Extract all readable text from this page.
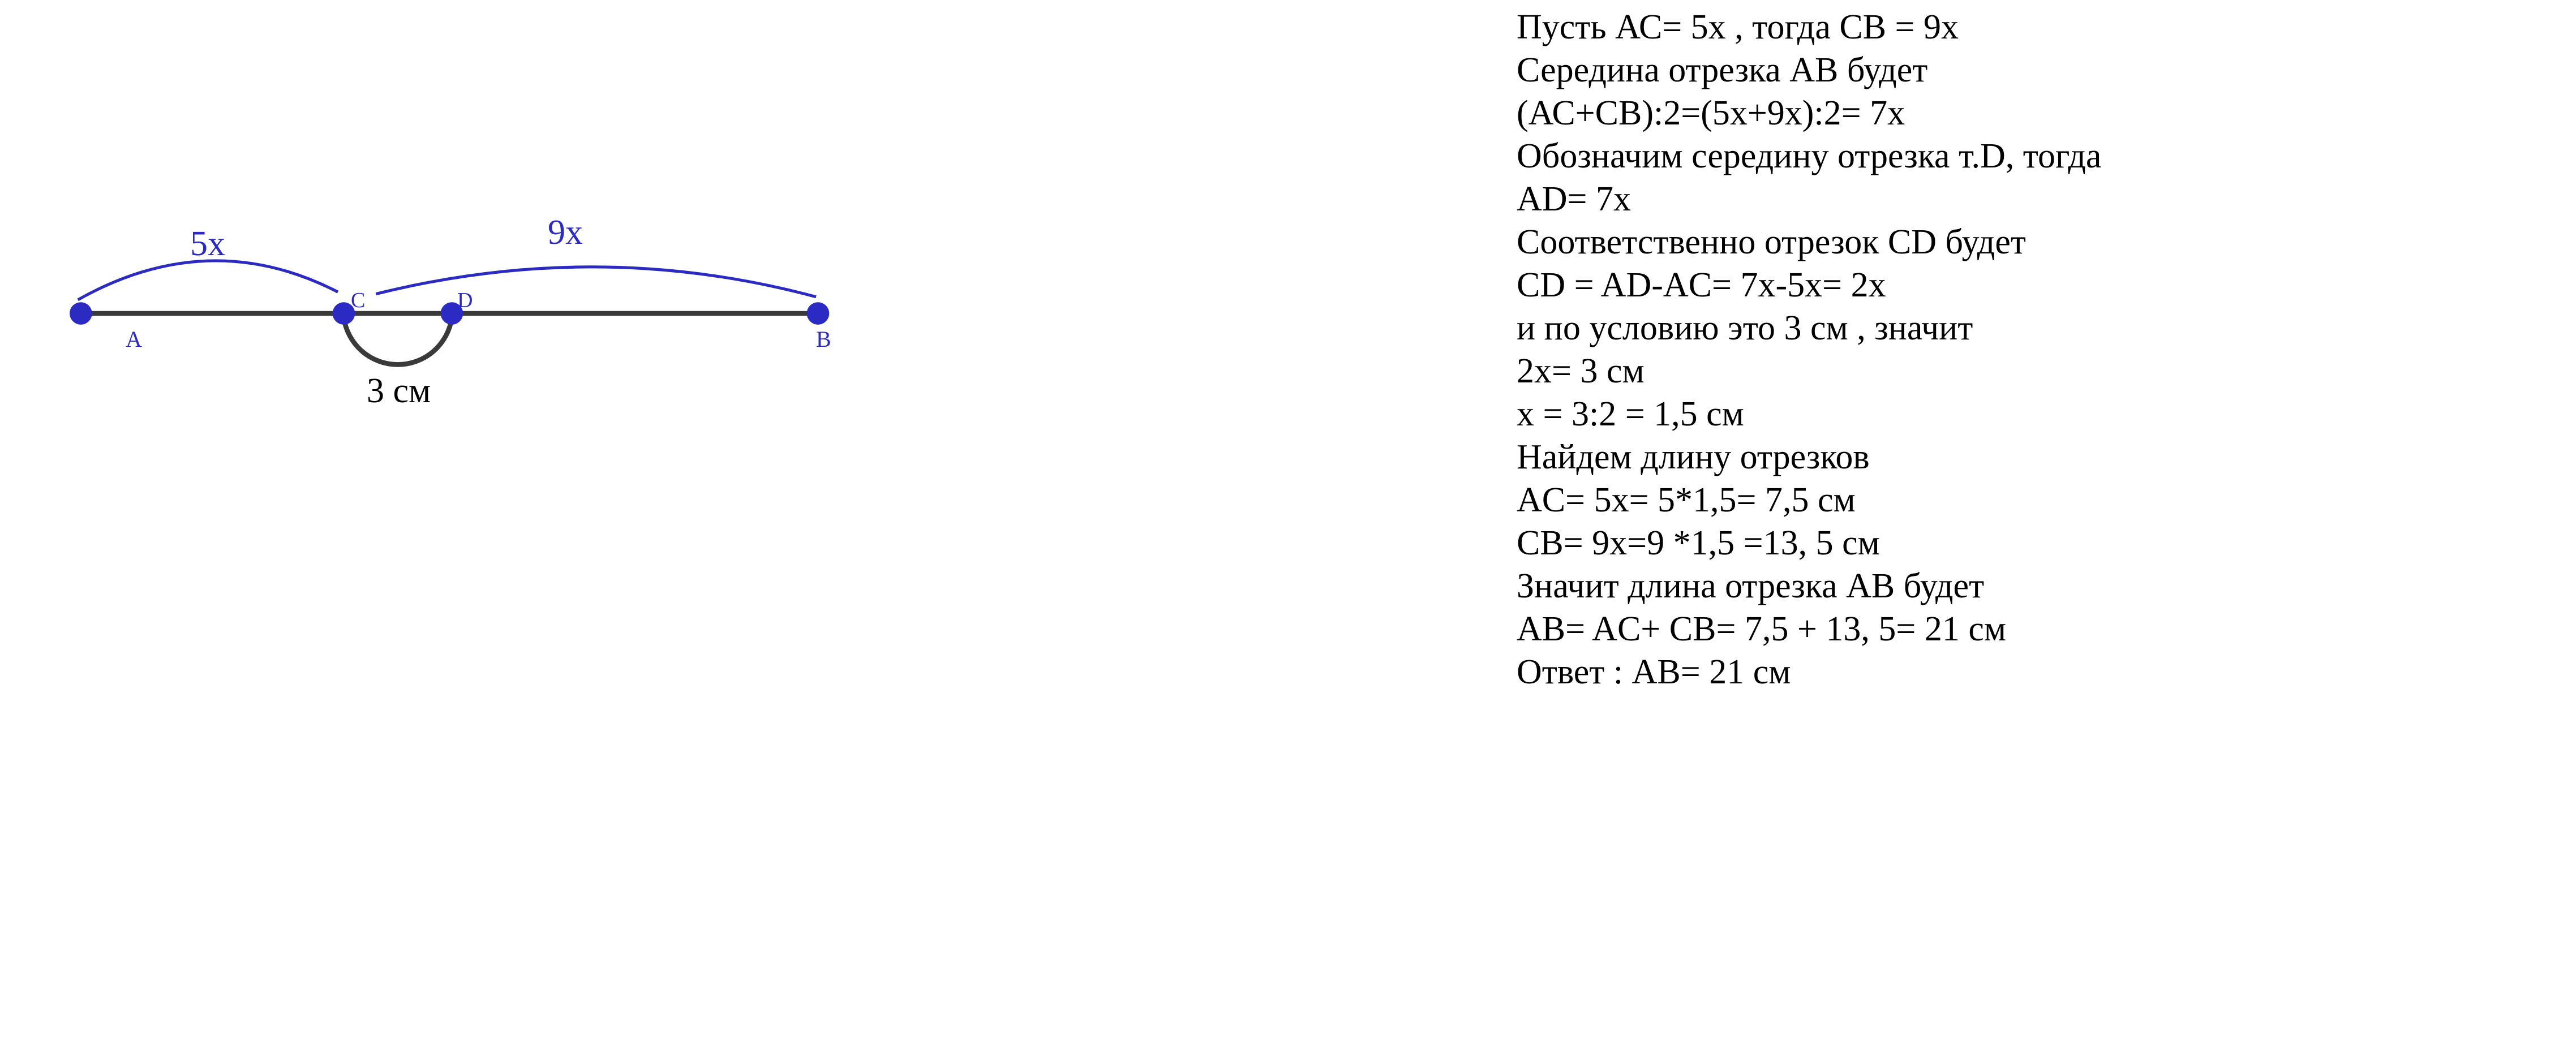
A
C	D
B
5x	9x
3 см
Пусть АС= 5х , тогда СВ = 9х
Середина отрезка АВ будет
(АС+СВ):2=(5х+9х):2= 7х
Обозначим середину отрезка т.D, тогда
AD= 7x
Соответственно отрезок CD будет
CD = AD-AC= 7x-5x= 2x
и по условию это 3 см , значит
2x= 3 см
x = 3:2 = 1,5 см
Найдем длину отрезков
AC= 5x= 5*1,5= 7,5 см
CB= 9x=9 *1,5 =13, 5 см
Значит длина отрезка АВ будет
AB= AC+ CB= 7,5 + 13, 5= 21 см
Ответ : АВ= 21 см
